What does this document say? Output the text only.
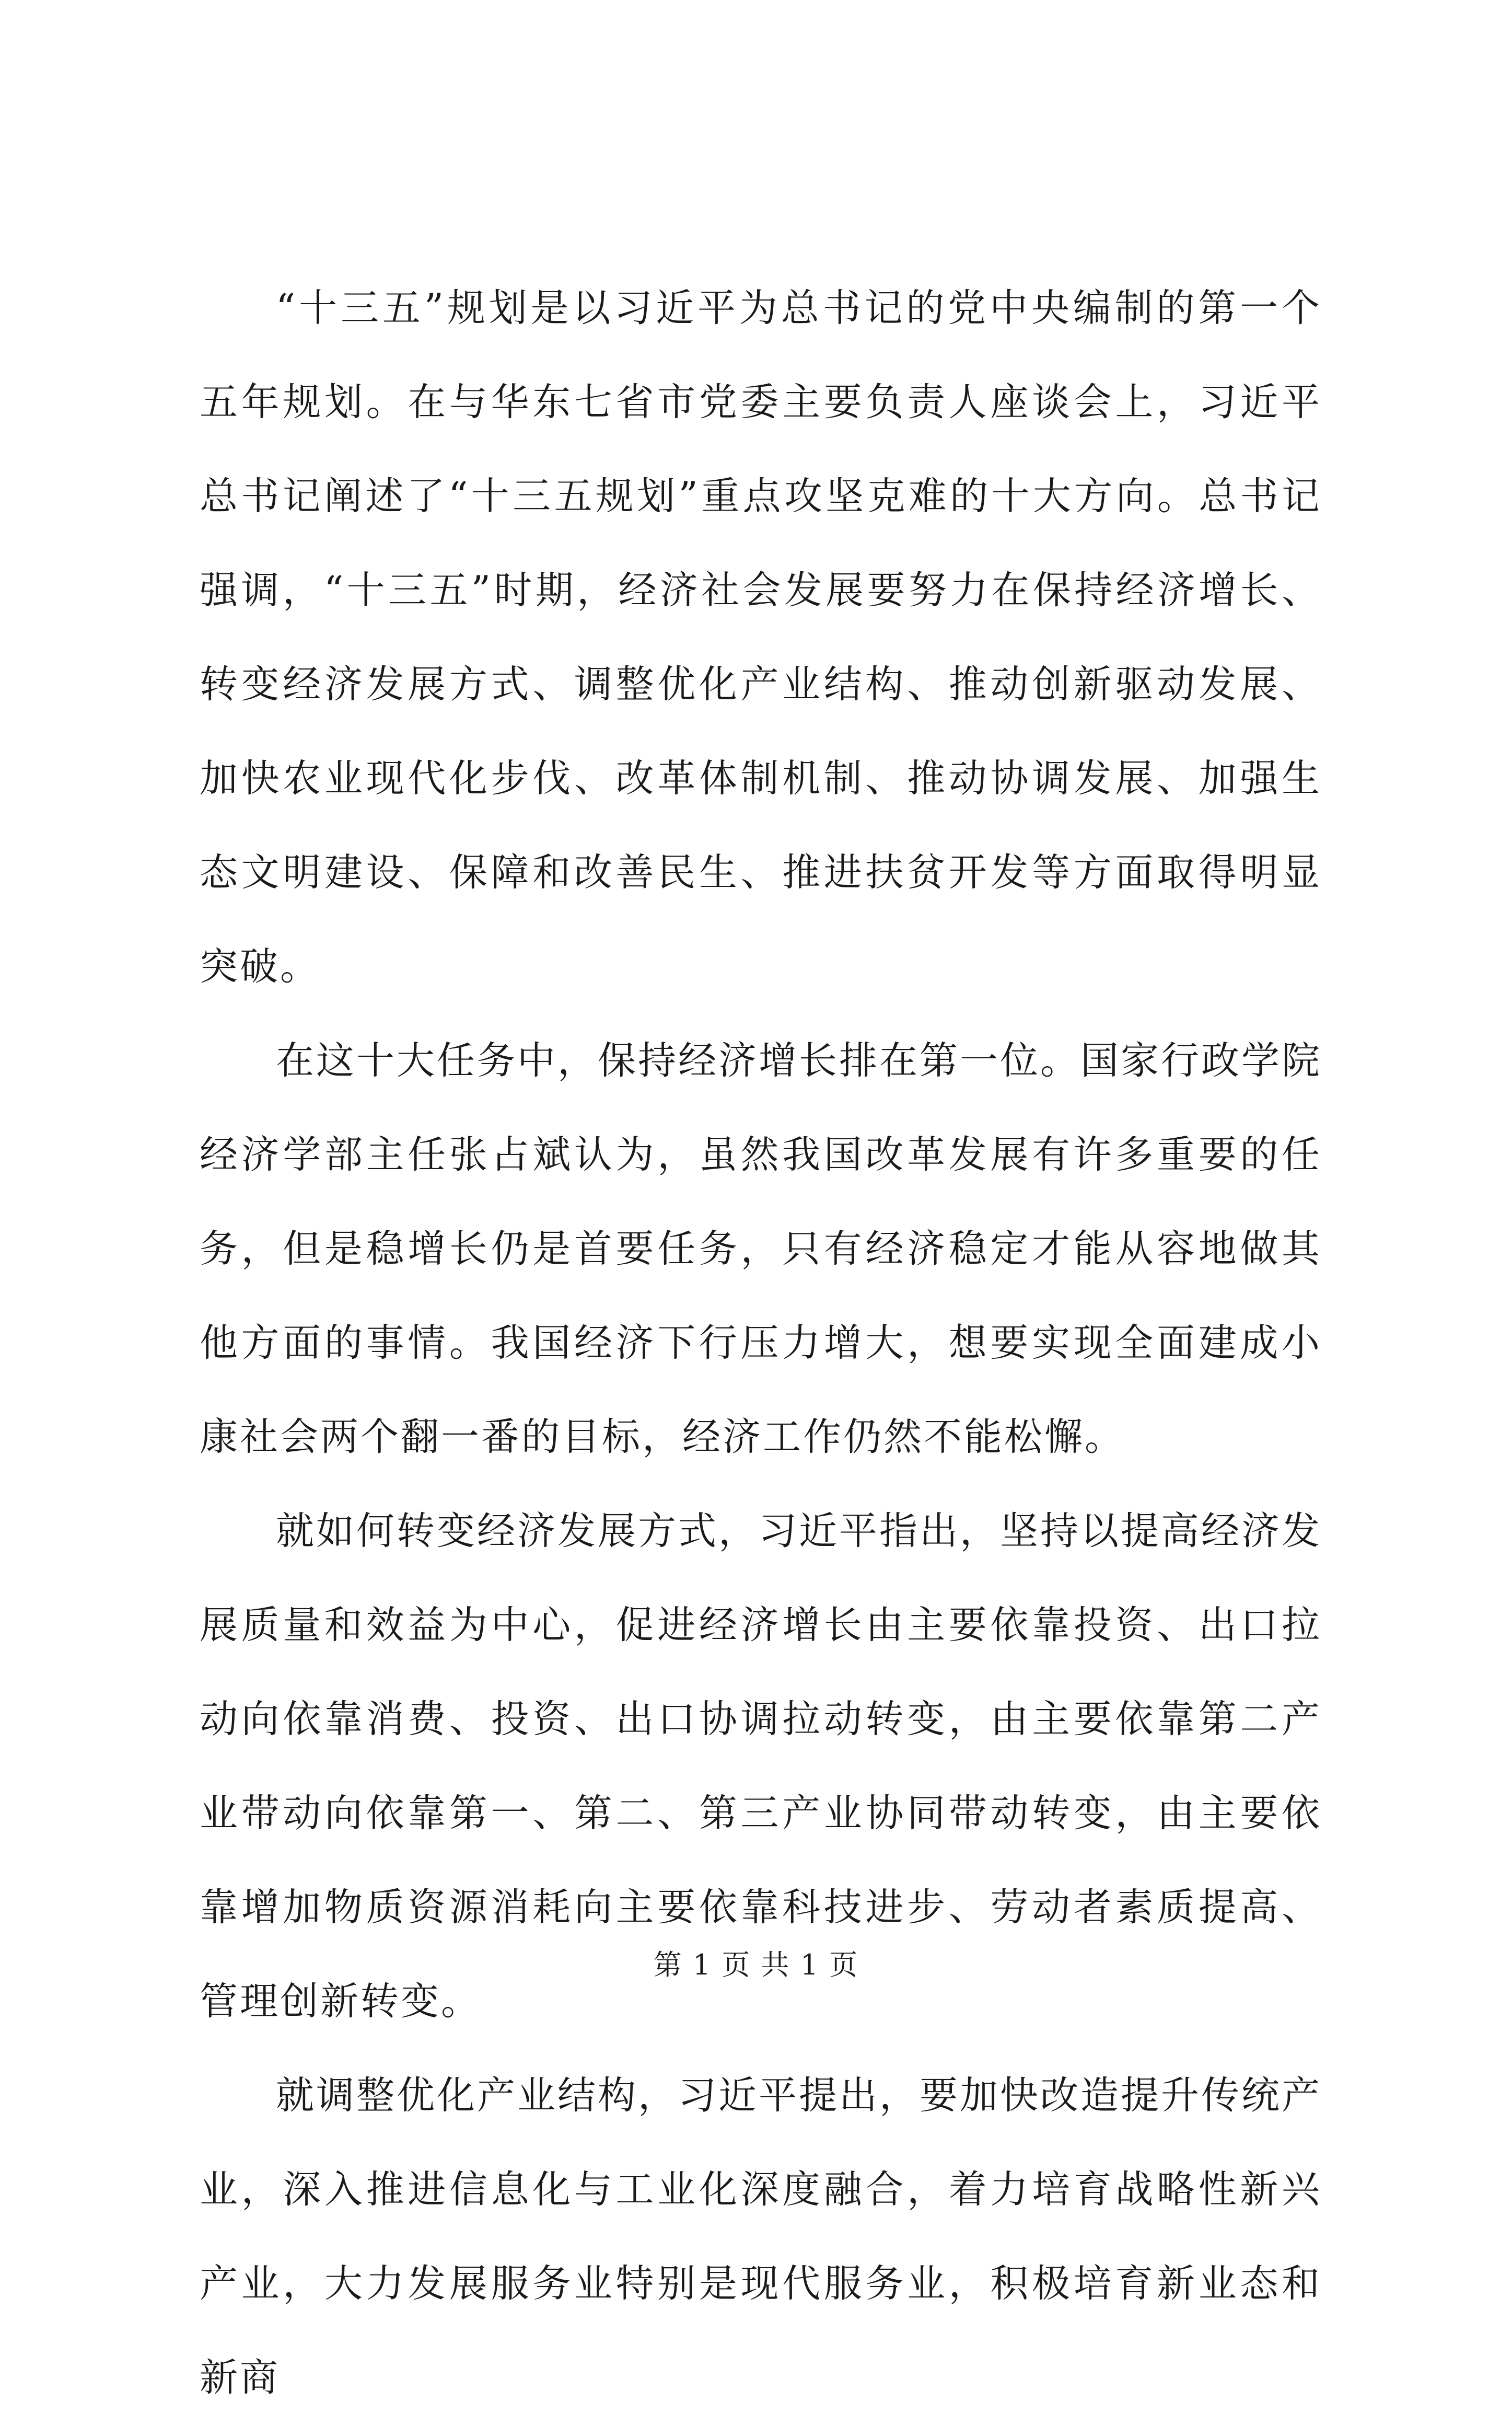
“十三五”规划是以习近平为总书记的党中央编制的第一个五年规划。在与华东七省市党委主要负责人座谈会上，习近平总书记阐述了“十三五规划”重点攻坚克难的十大方向。总书记强调，“十三五”时期，经济社会发展要努力在保持经济增长、转变经济发展方式、调整优化产业结构、推动创新驱动发展、加快农业现代化步伐、改革体制机制、推动协调发展、加强生态文明建设、保障和改善民生、推进扶贫开发等方面取得明显突破。

在这十大任务中，保持经济增长排在第一位。国家行政学院经济学部主任张占斌认为，虽然我国改革发展有许多重要的任务，但是稳增长仍是首要任务，只有经济稳定才能从容地做其他方面的事情。我国经济下行压力增大，想要实现全面建成小康社会两个翻一番的目标，经济工作仍然不能松懈。

就如何转变经济发展方式，习近平指出，坚持以提高经济发展质量和效益为中心，促进经济增长由主要依靠投资、出口拉动向依靠消费、投资、出口协调拉动转变，由主要依靠第二产业带动向依靠第一、第二、第三产业协同带动转变，由主要依靠增加物质资源消耗向主要依靠科技进步、劳动者素质提高、管理创新转变。

就调整优化产业结构，习近平提出，要加快改造提升传统产业，深入推进信息化与工业化深度融合，着力培育战略性新兴产业，大力发展服务业特别是现代服务业，积极培育新业态和新商

第 1 页 共 1 页
